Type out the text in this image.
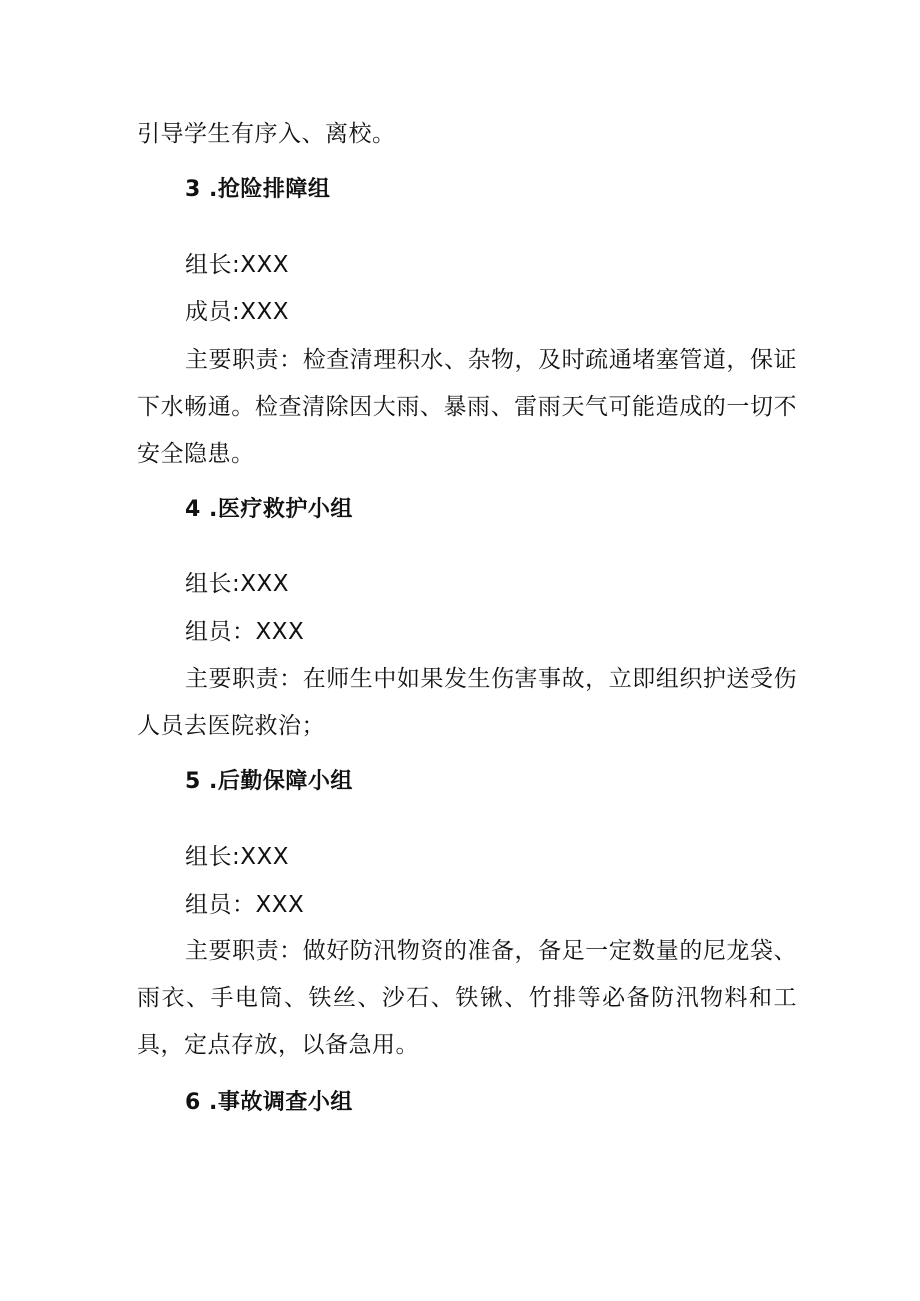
引导学生有序入、离校。
3 .抢险排障组
组长:XXX
成员:XXX
主要职责：检查清理积水、杂物，及时疏通堵塞管道，保证下水畅通。检查清除因大雨、暴雨、雷雨天气可能造成的一切不安全隐患。
4 .医疗救护小组
组长:XXX
组员：XXX
主要职责：在师生中如果发生伤害事故，立即组织护送受伤人员去医院救治；
5 .后勤保障小组
组长:XXX
组员：XXX
主要职责：做好防汛物资的准备，备足一定数量的尼龙袋、雨衣、手电筒、铁丝、沙石、铁锹、竹排等必备防汛物料和工具，定点存放，以备急用。
6 .事故调查小组
